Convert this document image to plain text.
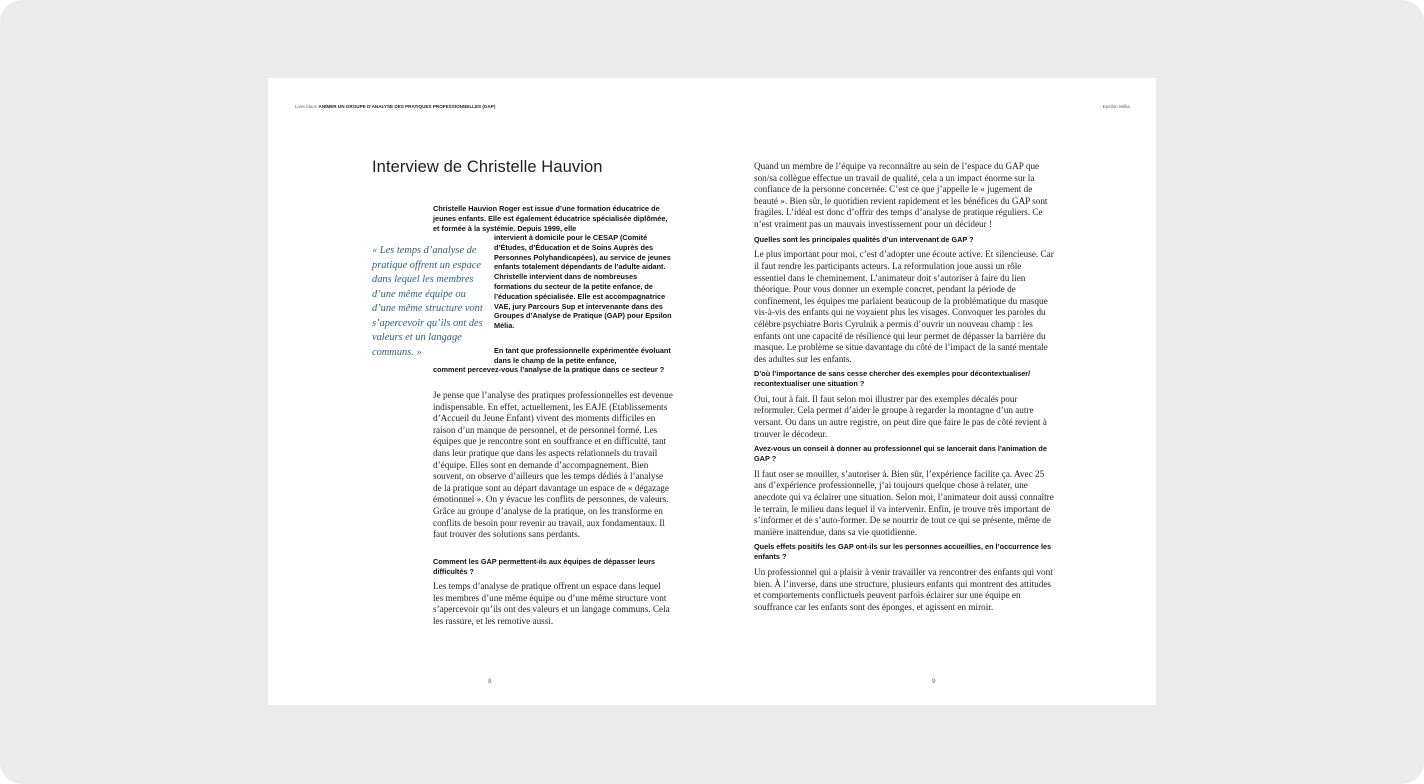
Livre blanc ANIMER UN GROUPE D’ANALYSE DES PRATIQUES PROFESSIONNELLES (GAP)	Epsilon Mélia
Interview de Christelle Hauvion
Christelle Hauvion Roger est issue d’une formation éducatrice de jeunes enfants. Elle est également éducatrice spécialisée diplômée, et formée à la systémie. Depuis 1999, elle
« Les temps d’analyse de pratique offrent un espace dans lequel les membres d’une même équipe ou d’une même structure vont s’apercevoir qu’ils ont des valeurs et un langage communs. »
intervient à domicile pour le CESAP (Comité d’Études, d’Éducation et de Soins Auprès des Personnes Polyhandicapées), au service de jeunes enfants totalement dépendants de l’adulte aidant. Christelle intervient dans de nombreuses formations du secteur de la petite enfance, de l’éducation spécialisée. Elle est accompagnatrice VAE, jury Parcours Sup et intervenante dans des Groupes d’Analyse de Pratique (GAP) pour Epsilon Mélia.
En tant que professionnelle expérimentée évoluant dans le champ de la petite enfance,
comment percevez-vous l’analyse de la pratique dans ce secteur ?
Je pense que l’analyse des pratiques professionnelles est devenue indispensable. En effet, actuellement, les EAJE (Etablissements d’Accueil du Jeune Enfant) vivent des moments difficiles en raison d’un manque de personnel, et de personnel formé. Les équipes que je rencontre sont en souffrance et en difficulté, tant dans leur pratique que dans les aspects relationnels du travail d’équipe. Elles sont en demande d’accompagnement. Bien souvent, on observe d’ailleurs que les temps dédiés à l’analyse de la pratique sont au départ davantage un espace de « dégazage émotionnel ». On y évacue les conflits de personnes, de valeurs. Grâce au groupe d’analyse de la pratique, on les transforme en conflits de besoin pour revenir au travail, aux fondamentaux. Il faut trouver des solutions sans perdants.
Comment les GAP permettent-ils aux équipes de dépasser leurs difficultés ?
Les temps d’analyse de pratique offrent un espace dans lequel les membres d’une même équipe ou d’une même structure vont s’apercevoir qu’ils ont des valeurs et un langage communs. Cela les rassure, et les remotive aussi.
Quand un membre de l’équipe va reconnaître au sein de l’espace du GAP que son/sa collègue effectue un travail de qualité, cela a un impact énorme sur la confiance de la personne concernée. C’est ce que j’appelle le « jugement de beauté ». Bien sûr, le quotidien revient rapidement et les bénéfices du GAP sont fragiles. L’idéal est donc d’offrir des temps d’analyse de pratique réguliers. Ce n’est vraiment pas un mauvais investissement pour un décideur !
Quelles sont les principales qualités d’un intervenant de GAP ?
Le plus important pour moi, c’est d’adopter une écoute active. Et silencieuse. Car il faut rendre les participants acteurs. La reformulation joue aussi un rôle essentiel dans le cheminement. L’animateur doit s’autoriser à faire du lien théorique. Pour vous donner un exemple concret, pendant la période de confinement, les équipes me parlaient beaucoup de la problématique du masque vis-à-vis des enfants qui ne voyaient plus les visages. Convoquer les paroles du célèbre psychiatre Boris Cyrulnik a permis d’ouvrir un nouveau champ : les enfants ont une capacité de résilience qui leur permet de dépasser la barrière du masque. Le problème se situe davantage du côté de l’impact de la santé mentale des adultes sur les enfants.
D’où l’importance de sans cesse chercher des exemples pour décontextualiser/ recontextualiser une situation ?
Oui, tout à fait. Il faut selon moi illustrer par des exemples décalés pour reformuler. Cela permet d’aider le groupe à regarder la montagne d’un autre versant. Ou dans un autre registre, on peut dire que faire le pas de côté revient à trouver le décodeur.
Avez-vous un conseil à donner au professionnel qui se lancerait dans l’animation de GAP ?
Il faut oser se mouiller, s’autoriser à. Bien sûr, l’expérience facilite ça. Avec 25 ans d’expérience professionnelle, j’ai toujours quelque chose à relater, une anecdote qui va éclairer une situation. Selon moi, l’animateur doit aussi connaître le terrain, le milieu dans lequel il va intervenir. Enfin, je trouve très important de s’informer et de s’auto-former. De se nourrir de tout ce qui se présente, même de manière inattendue, dans sa vie quotidienne.
Quels effets positifs les GAP ont-ils sur les personnes accueillies, en l’occurrence les enfants ?
Un professionnel qui a plaisir à venir travailler va rencontrer des enfants qui vont bien. À l’inverse, dans une structure, plusieurs enfants qui montrent des attitudes et comportements conflictuels peuvent parfois éclairer sur une équipe en souffrance car les enfants sont des éponges, et agissent en miroir.
8	9
